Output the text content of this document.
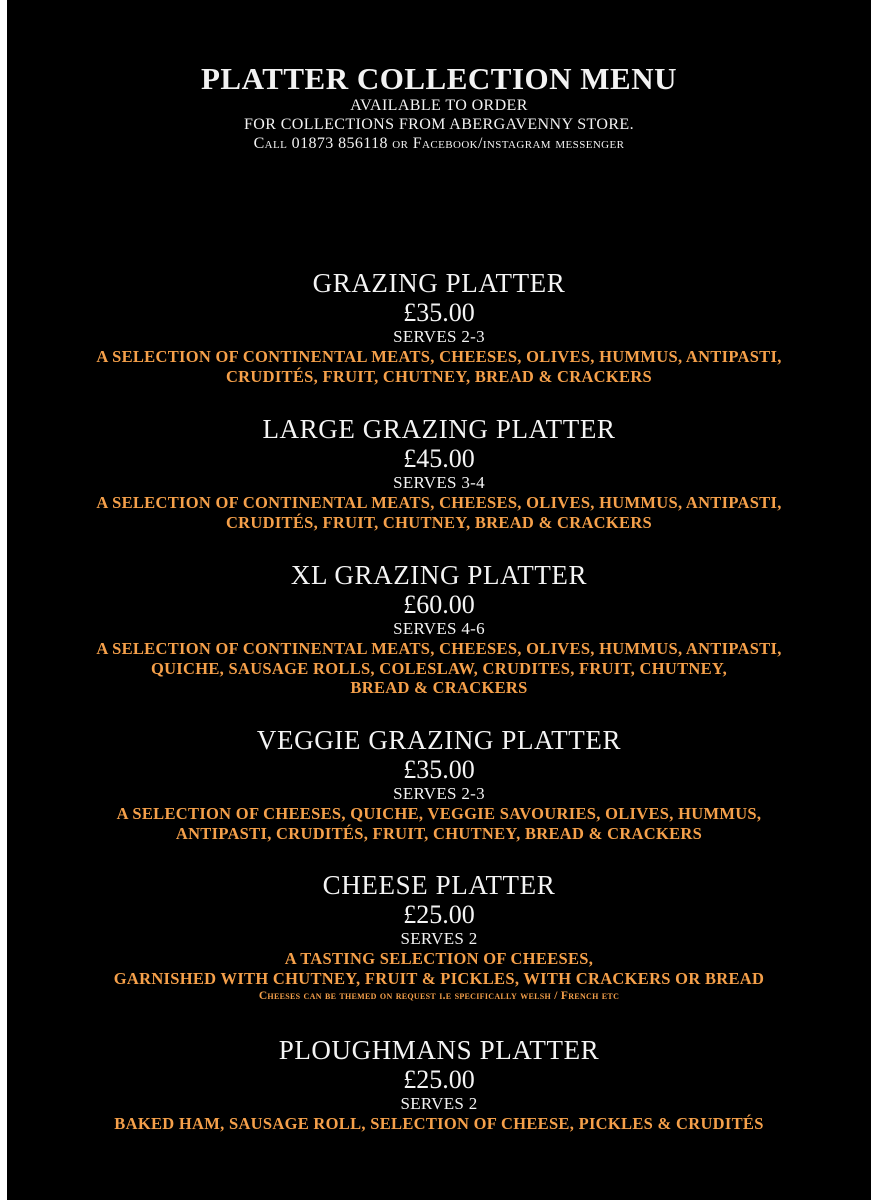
PLATTER COLLECTION MENU

AVAILABLE TO ORDER

FOR COLLECTIONS FROM ABERGAVENNY STORE.

Call 01873 856118 or Facebook/instagram messenger

GRAZING PLATTER

£35.00

SERVES 2-3

A SELECTION OF CONTINENTAL MEATS, CHEESES, OLIVES, HUMMUS, ANTIPASTI,

CRUDITÉS, FRUIT, CHUTNEY, BREAD & CRACKERS

LARGE GRAZING PLATTER

£45.00

SERVES 3-4

A SELECTION OF CONTINENTAL MEATS, CHEESES, OLIVES, HUMMUS, ANTIPASTI,

CRUDITÉS, FRUIT, CHUTNEY, BREAD & CRACKERS

XL GRAZING PLATTER

£60.00

SERVES 4-6

A SELECTION OF CONTINENTAL MEATS, CHEESES, OLIVES, HUMMUS, ANTIPASTI,

QUICHE, SAUSAGE ROLLS, COLESLAW, CRUDITES, FRUIT, CHUTNEY,

BREAD & CRACKERS

VEGGIE GRAZING PLATTER

£35.00

SERVES 2-3

A SELECTION OF CHEESES, QUICHE, VEGGIE SAVOURIES, OLIVES, HUMMUS,

ANTIPASTI, CRUDITÉS, FRUIT, CHUTNEY, BREAD & CRACKERS

CHEESE PLATTER

£25.00

SERVES 2

A TASTING SELECTION OF CHEESES,

GARNISHED WITH CHUTNEY, FRUIT & PICKLES, WITH CRACKERS OR BREAD

Cheeses can be themed on request i.e specifically welsh / French etc

PLOUGHMANS PLATTER

£25.00

SERVES 2

BAKED HAM, SAUSAGE ROLL, SELECTION OF CHEESE, PICKLES & CRUDITÉS
